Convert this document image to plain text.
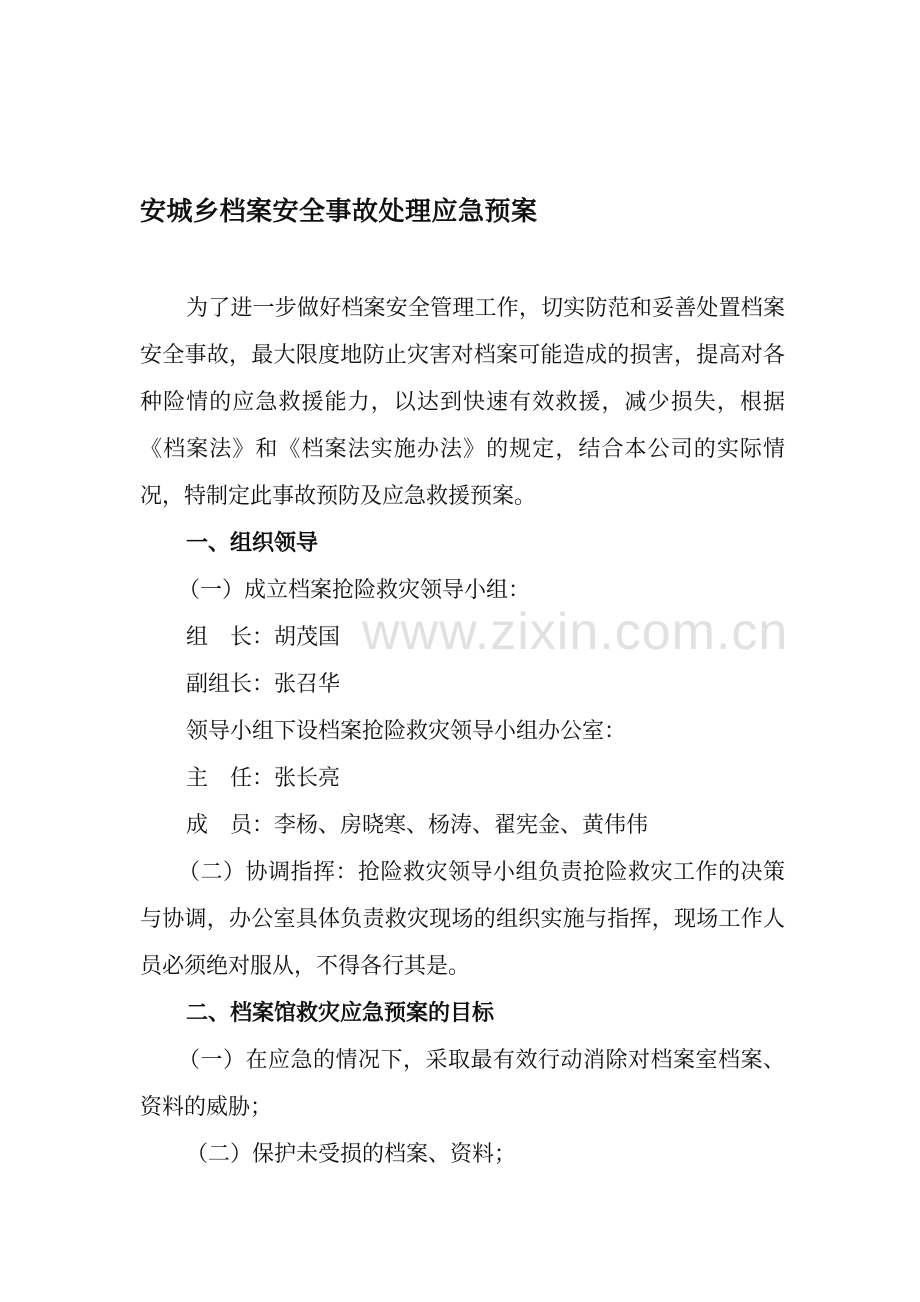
安城乡档案安全事故处理应急预案

为了进一步做好档案安全管理工作，切实防范和妥善处置档案安全事故，最大限度地防止灾害对档案可能造成的损害，提高对各种险情的应急救援能力，以达到快速有效救援，减少损失，根据《档案法》和《档案法实施办法》的规定，结合本公司的实际情况，特制定此事故预防及应急救援预案。

一、组织领导
（一）成立档案抢险救灾领导小组：
组　长：胡茂国
副组长：张召华
领导小组下设档案抢险救灾领导小组办公室：
主　任：张长亮
成　员：李杨、房晓寒、杨涛、翟宪金、黄伟伟

（二）协调指挥：抢险救灾领导小组负责抢险救灾工作的决策与协调，办公室具体负责救灾现场的组织实施与指挥，现场工作人员必须绝对服从，不得各行其是。

二、档案馆救灾应急预案的目标

（一）在应急的情况下，采取最有效行动消除对档案室档案、资料的威胁；

（二）保护未受损的档案、资料；

www.zixin.com.cn
